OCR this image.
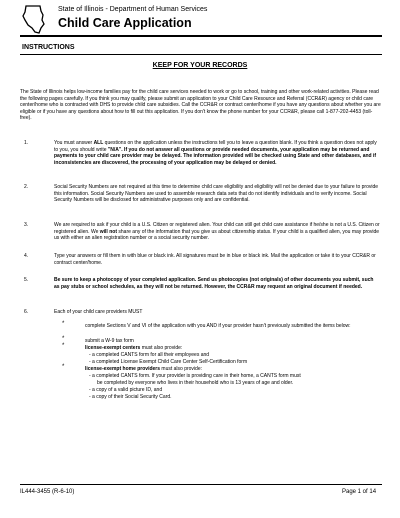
State of Illinois - Department of Human Services
Child Care Application
INSTRUCTIONS
KEEP FOR YOUR RECORDS
The State of Illinois helps low-income families pay for the child care services needed to work or go to school, training and other work-related activities. Please read the following pages carefully. If you think you may qualify, please submit an application to your Child Care Resource and Referral (CCR&R) agency or child care center/home who is contracted with DHS to provide child care subsidies. Call the CCR&R or contract center/home if you have any questions about whether you are eligible or if you have any questions about how to fill out this application. If you don't know the phone number for your CCR&R, please call 1-877-202-4453 (toll-free).
1.	You must answer ALL questions on the application unless the instructions tell you to leave a question blank. If you think a question does not apply to you, you should write "N/A". If you do not answer all questions or provide needed documents, your application may be returned and payments to your child care provider may be delayed. The information provided will be checked using State and other databases, and if inconsistencies are discovered, the processing of your application may be delayed or denied.
2.	Social Security Numbers are not required at this time to determine child care eligibility and eligibility will not be denied due to your failure to provide this information. Social Security Numbers are used to assemble research data sets that do not identify individuals and to verify income. Social Security Numbers will be disclosed for administrative purposes only and are confidential.
3.	We are required to ask if your child is a U.S. Citizen or registered alien. Your child can still get child care assistance if he/she is not a U.S. Citizen or registered alien. We will not share any of the information that you give us about citizenship status. If your child is a qualified alien, you may provide us with either an alien registration number or a social security number.
4.	Type your answers or fill them in with blue or black ink. All signatures must be in blue or black ink. Mail the application or take it to your CCR&R or contract center/home.
5.	Be sure to keep a photocopy of your completed application. Send us photocopies (not originals) of other documents you submit, such as pay stubs or school schedules, as they will not be returned. However, the CCR&R may request an original document if needed.
6.	Each of your child care providers MUST
*	complete Sections V and VI of the application with you AND if your provider hasn't previously submitted the items below:
*	submit a W-9 tax form
*	license-exempt centers must also provide:
- a completed CANTS form for all their employees and
- a completed License Exempt Child Care Center Self-Certification form
*	license-exempt home providers must also provide:
- a completed CANTS form. If your provider is providing care in their home, a CANTS form must
be completed by everyone who lives in their household who is 13 years of age and older.
- a copy of a valid picture ID, and
- a copy of their Social Security Card.
IL444-3455 (R-6-10)	Page 1 of 14
